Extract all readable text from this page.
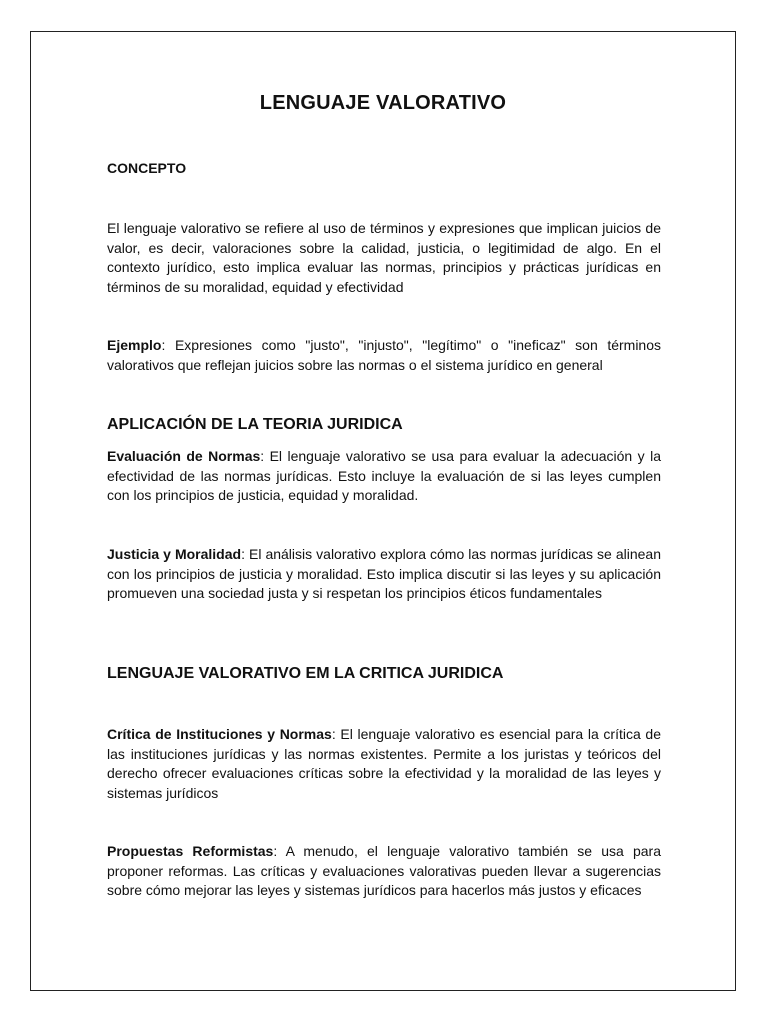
LENGUAJE VALORATIVO
CONCEPTO

El lenguaje valorativo se refiere al uso de términos y expresiones que implican juicios de valor, es decir, valoraciones sobre la calidad, justicia, o legitimidad de algo. En el contexto jurídico, esto implica evaluar las normas, principios y prácticas jurídicas en términos de su moralidad, equidad y efectividad

Ejemplo: Expresiones como "justo", "injusto", "legítimo" o "ineficaz" son términos valorativos que reflejan juicios sobre las normas o el sistema jurídico en general

APLICACIÓN DE LA TEORIA JURIDICA

Evaluación de Normas: El lenguaje valorativo se usa para evaluar la adecuación y la efectividad de las normas jurídicas. Esto incluye la evaluación de si las leyes cumplen con los principios de justicia, equidad y moralidad.

Justicia y Moralidad: El análisis valorativo explora cómo las normas jurídicas se alinean con los principios de justicia y moralidad. Esto implica discutir si las leyes y su aplicación promueven una sociedad justa y si respetan los principios éticos fundamentales

LENGUAJE VALORATIVO EM LA CRITICA JURIDICA

Crítica de Instituciones y Normas: El lenguaje valorativo es esencial para la crítica de las instituciones jurídicas y las normas existentes. Permite a los juristas y teóricos del derecho ofrecer evaluaciones críticas sobre la efectividad y la moralidad de las leyes y sistemas jurídicos

Propuestas Reformistas: A menudo, el lenguaje valorativo también se usa para proponer reformas. Las críticas y evaluaciones valorativas pueden llevar a sugerencias sobre cómo mejorar las leyes y sistemas jurídicos para hacerlos más justos y eficaces
